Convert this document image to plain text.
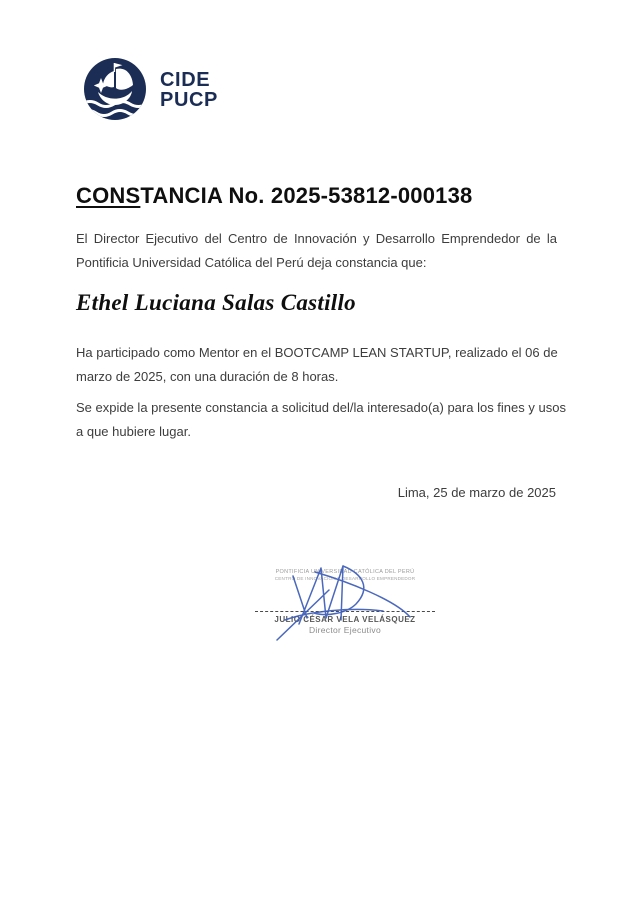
CIDE
PUCP
CONSTANCIA No. 2025-53812-000138
El Director Ejecutivo del Centro de Innovación y Desarrollo Emprendedor de la
Pontificia Universidad Católica del Perú deja constancia que:

Ethel Luciana Salas Castillo

Ha participado como Mentor en el BOOTCAMP LEAN STARTUP, realizado el 06 de
marzo de 2025, con una duración de 8 horas.
Se expide la presente constancia a solicitud del/la interesado(a) para los fines y usos
a que hubiere lugar.
Lima, 25 de marzo de 2025
PONTIFICIA UNIVERSIDAD CATÓLICA DEL PERÚ
CENTRO DE INNOVACIÓN Y DESARROLLO EMPRENDEDOR
JULIO CÉSAR VELA VELÁSQUEZ
Director Ejecutivo
